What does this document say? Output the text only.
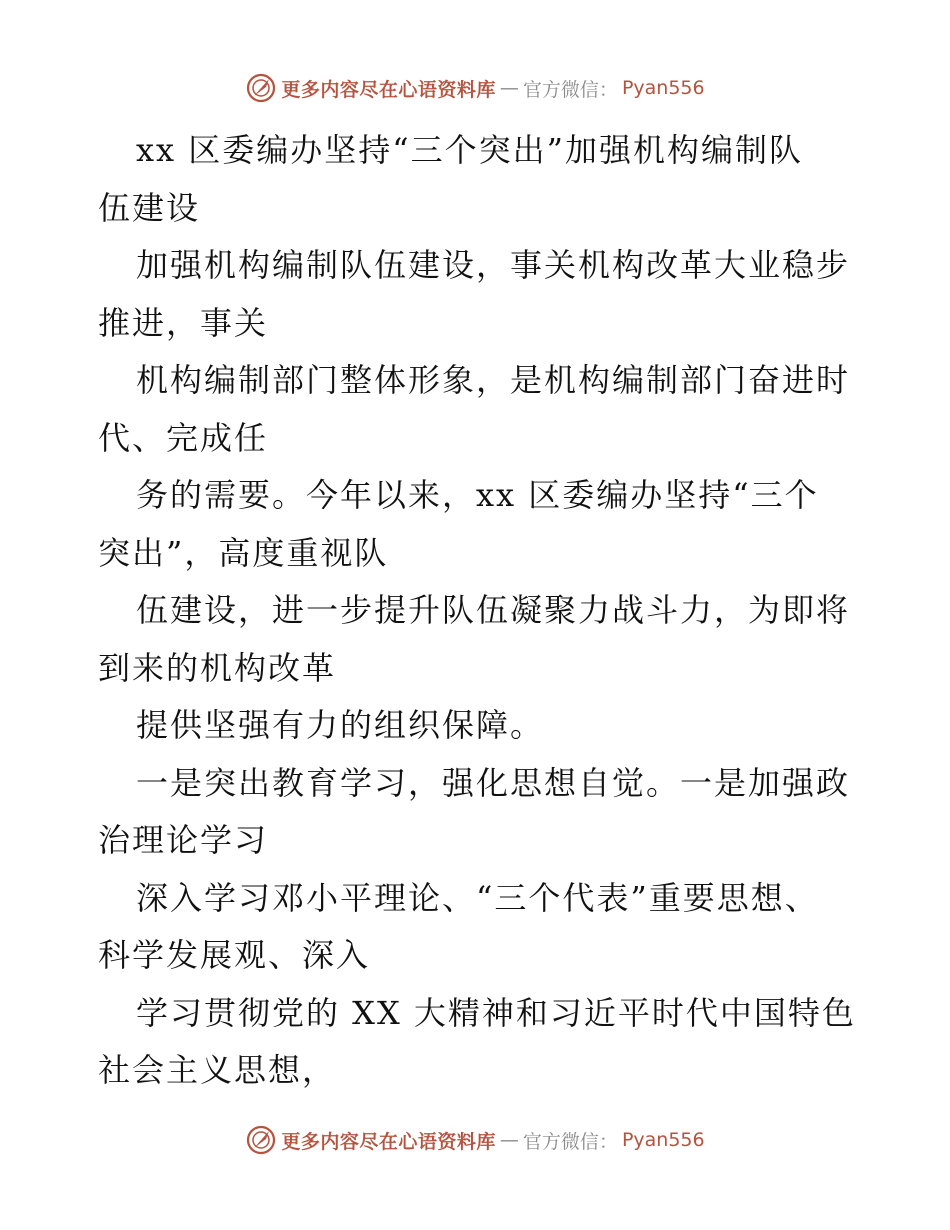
更多内容尽在心语资料库 — 官方微信： Pyan556
xx 区委编办坚持“三个突出”加强机构编制队
伍建设
加强机构编制队伍建设，事关机构改革大业稳步
推进，事关
机构编制部门整体形象，是机构编制部门奋进时
代、完成任
务的需要。今年以来，xx 区委编办坚持“三个
突出”，高度重视队
伍建设，进一步提升队伍凝聚力战斗力，为即将
到来的机构改革
提供坚强有力的组织保障。
一是突出教育学习，强化思想自觉。一是加强政
治理论学习
深入学习邓小平理论、“三个代表”重要思想、
科学发展观、深入
学习贯彻党的 XX 大精神和习近平时代中国特色
社会主义思想，
更多内容尽在心语资料库 — 官方微信： Pyan556
